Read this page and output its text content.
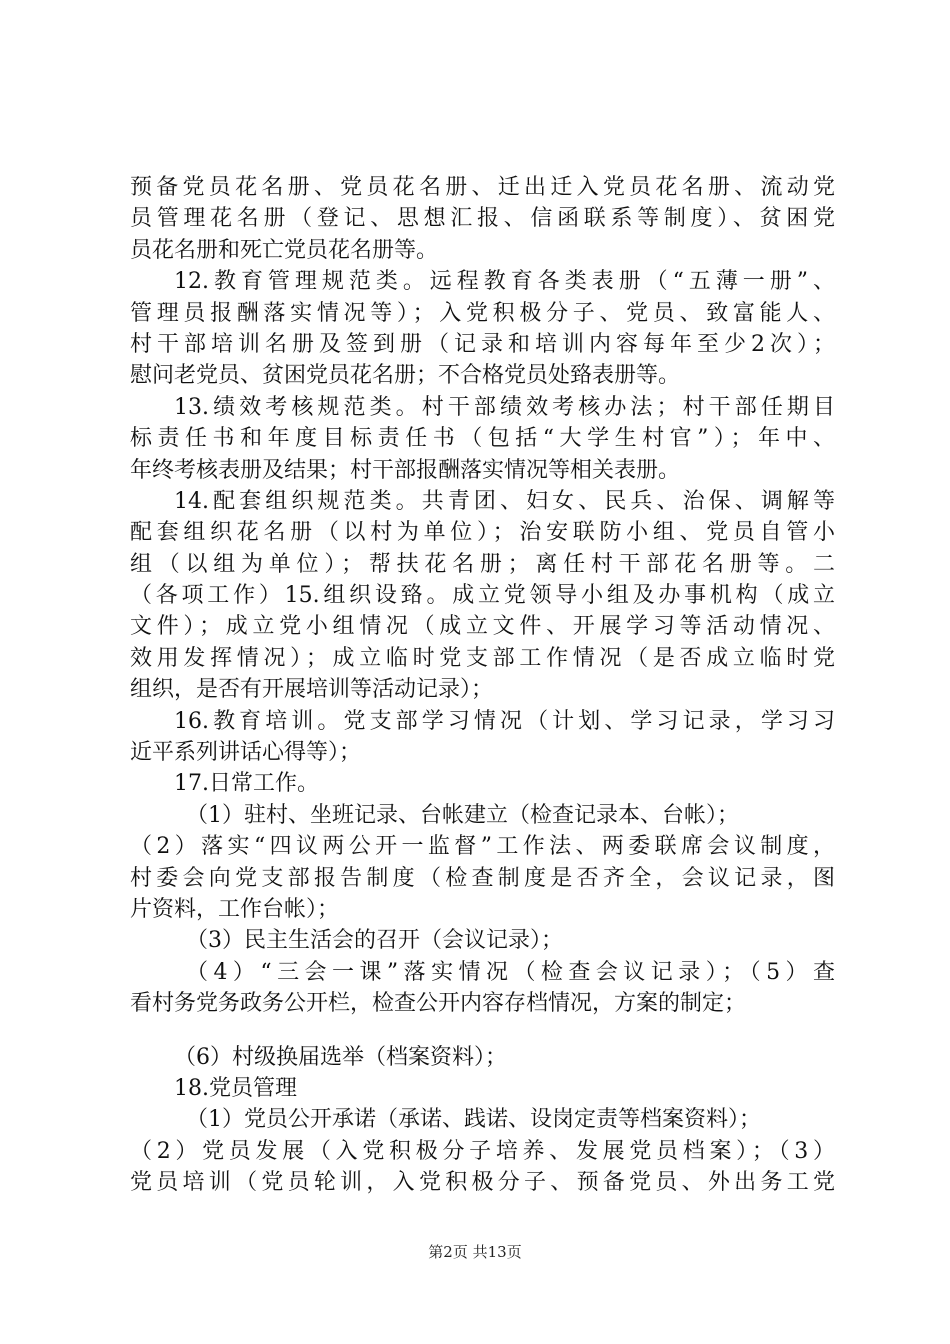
预备党员花名册、党员花名册、迁出迁入党员花名册、流动党
员管理花名册（登记、思想汇报、信函联系等制度）、贫困党
员花名册和死亡党员花名册等。
12.教育管理规范类。远程教育各类表册（“五薄一册”、
管理员报酬落实情况等）；入党积极分子、党员、致富能人、
村干部培训名册及签到册（记录和培训内容每年至少2次）；
慰问老党员、贫困党员花名册；不合格党员处臵表册等。
13.绩效考核规范类。村干部绩效考核办法；村干部任期目
标责任书和年度目标责任书（包括“大学生村官”）；年中、
年终考核表册及结果；村干部报酬落实情况等相关表册。
14.配套组织规范类。共青团、妇女、民兵、治保、调解等
配套组织花名册（以村为单位）；治安联防小组、党员自管小
组（以组为单位）；帮扶花名册；离任村干部花名册等。二
（各项工作）15.组织设臵。成立党领导小组及办事机构（成立
文件）；成立党小组情况（成立文件、开展学习等活动情况、
效用发挥情况）；成立临时党支部工作情况（是否成立临时党
组织，是否有开展培训等活动记录）；
16.教育培训。党支部学习情况（计划、学习记录，学习习
近平系列讲话心得等）；
17.日常工作。
（1）驻村、坐班记录、台帐建立（检查记录本、台帐）；
（2）落实“四议两公开一监督”工作法、两委联席会议制度，
村委会向党支部报告制度（检查制度是否齐全，会议记录，图
片资料，工作台帐）；
（3）民主生活会的召开（会议记录）；
（4）“三会一课”落实情况（检查会议记录）；（5）查
看村务党务政务公开栏，检查公开内容存档情况，方案的制定；
（6）村级换届选举（档案资料）；
18.党员管理
（1）党员公开承诺（承诺、践诺、设岗定责等档案资料）；
（2）党员发展（入党积极分子培养、发展党员档案）；（3）
党员培训（党员轮训，入党积极分子、预备党员、外出务工党
第2页 共13页
